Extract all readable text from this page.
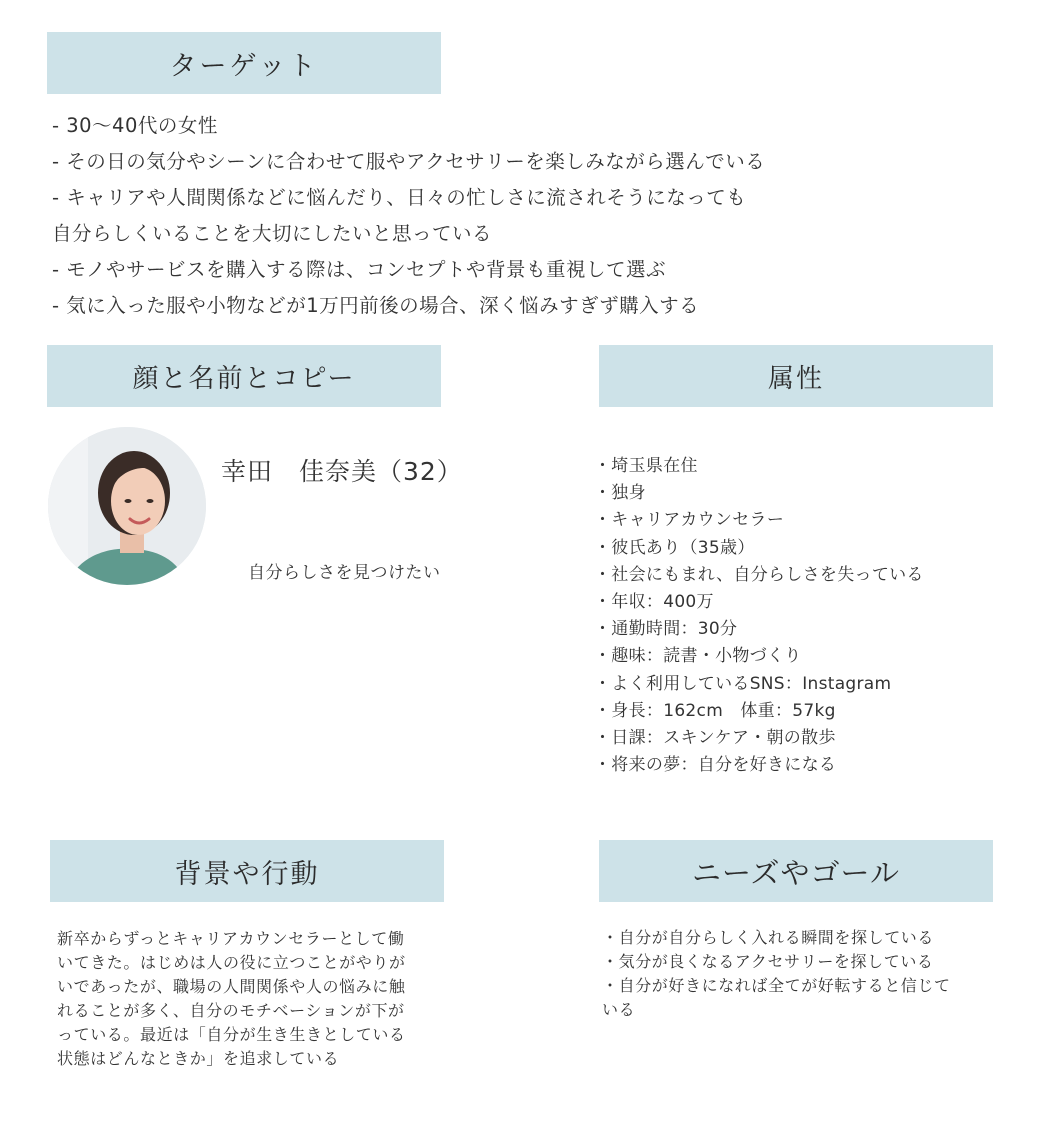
ターゲット
- 30～40代の女性
- その日の気分やシーンに合わせて服やアクセサリーを楽しみながら選んでいる
- キャリアや人間関係などに悩んだり、日々の忙しさに流されそうになっても
自分らしくいることを大切にしたいと思っている
- モノやサービスを購入する際は、コンセプトや背景も重視して選ぶ
- 気に入った服や小物などが1万円前後の場合、深く悩みすぎず購入する
顔と名前とコピー
幸田　佳奈美（32）
自分らしさを見つけたい
属性
・埼玉県在住
・独身
・キャリアカウンセラー
・彼氏あり（35歳）
・社会にもまれ、自分らしさを失っている
・年収：400万
・通勤時間：30分
・趣味：読書・小物づくり
・よく利用しているSNS：Instagram
・身長：162cm　体重：57kg
・日課：スキンケア・朝の散歩
・将来の夢：自分を好きになる
背景や行動
新卒からずっとキャリアカウンセラーとして働
いてきた。はじめは人の役に立つことがやりが
いであったが、職場の人間関係や人の悩みに触
れることが多く、自分のモチベーションが下が
っている。最近は「自分が生き生きとしている
状態はどんなときか」を追求している
ニーズやゴール
・自分が自分らしく入れる瞬間を探している
・気分が良くなるアクセサリーを探している
・自分が好きになれば全てが好転すると信じて
いる
